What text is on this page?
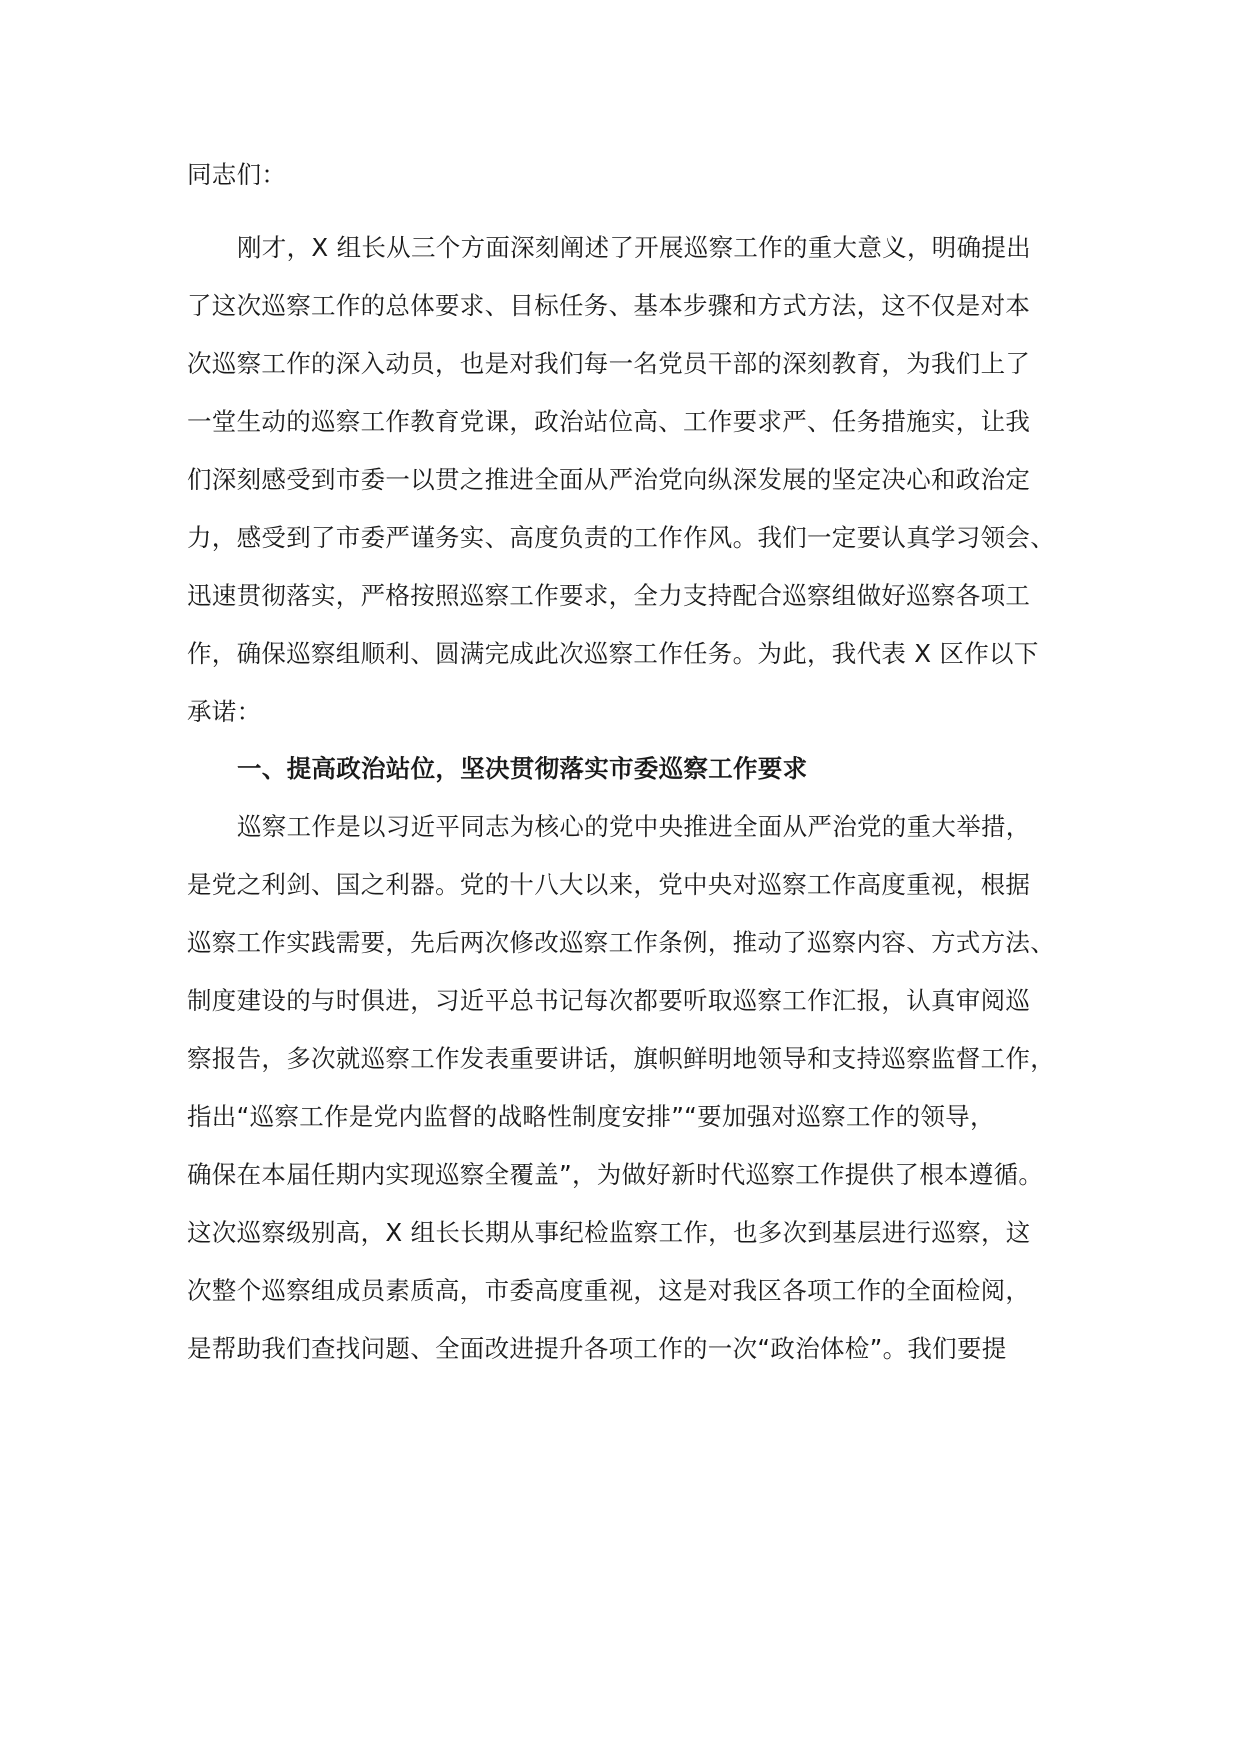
同志们：
刚才，X 组长从三个方面深刻阐述了开展巡察工作的重大意义，明确提出
了这次巡察工作的总体要求、目标任务、基本步骤和方式方法，这不仅是对本
次巡察工作的深入动员，也是对我们每一名党员干部的深刻教育，为我们上了
一堂生动的巡察工作教育党课，政治站位高、工作要求严、任务措施实，让我
们深刻感受到市委一以贯之推进全面从严治党向纵深发展的坚定决心和政治定
力，感受到了市委严谨务实、高度负责的工作作风。我们一定要认真学习领会、
迅速贯彻落实，严格按照巡察工作要求，全力支持配合巡察组做好巡察各项工
作，确保巡察组顺利、圆满完成此次巡察工作任务。为此，我代表 X 区作以下
承诺：
一、提高政治站位，坚决贯彻落实市委巡察工作要求
巡察工作是以习近平同志为核心的党中央推进全面从严治党的重大举措，
是党之利剑、国之利器。党的十八大以来，党中央对巡察工作高度重视，根据
巡察工作实践需要，先后两次修改巡察工作条例，推动了巡察内容、方式方法、
制度建设的与时俱进，习近平总书记每次都要听取巡察工作汇报，认真审阅巡
察报告，多次就巡察工作发表重要讲话，旗帜鲜明地领导和支持巡察监督工作，
指出“巡察工作是党内监督的战略性制度安排”“要加强对巡察工作的领导，
确保在本届任期内实现巡察全覆盖”，为做好新时代巡察工作提供了根本遵循。
这次巡察级别高，X 组长长期从事纪检监察工作，也多次到基层进行巡察，这
次整个巡察组成员素质高，市委高度重视，这是对我区各项工作的全面检阅，
是帮助我们查找问题、全面改进提升各项工作的一次“政治体检”。我们要提
